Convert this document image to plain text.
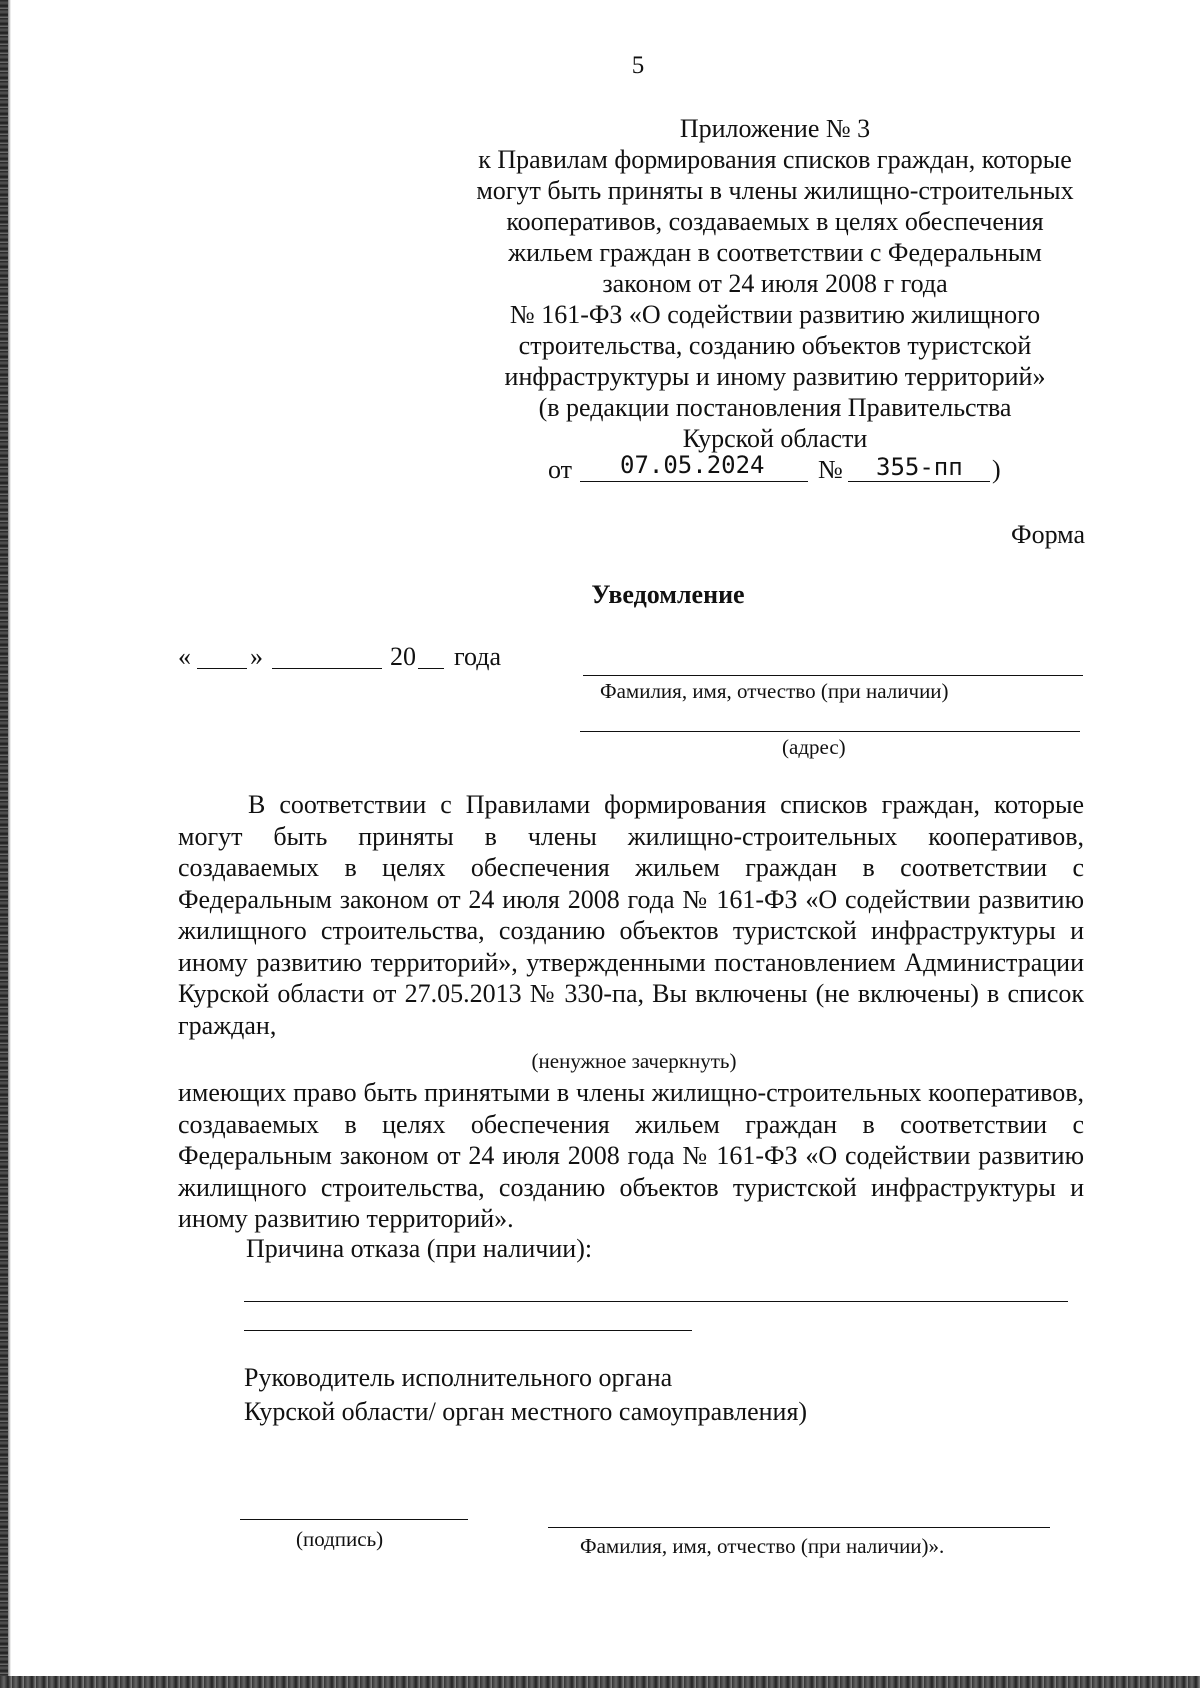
5
Приложение № 3
к Правилам формирования списков граждан, которые
могут быть приняты в члены жилищно-строительных
кооперативов, создаваемых в целях обеспечения
жильем граждан в соответствии с Федеральным
законом от 24 июля 2008 г года
№ 161-ФЗ «О содействии развитию жилищного
строительства, созданию объектов туристской
инфраструктуры и иному развитию территорий»
(в редакции постановления Правительства
Курской области
от 07.05.2024 № 355-пп )
Форма
Уведомление
« »	20 года
Фамилия, имя, отчество (при наличии)
(адрес)

В соответствии с Правилами формирования списков граждан, которые могут быть приняты в члены жилищно-строительных кооперативов, создаваемых в целях обеспечения жильем граждан в соответствии с Федеральным законом от 24 июля 2008 года № 161-ФЗ «О содействии развитию жилищного строительства, созданию объектов туристской инфраструктуры и иному развитию территорий», утвержденными постановлением Администрации Курской области от 27.05.2013 № 330-па, Вы включены (не включены) в список граждан,

(ненужное зачеркнуть)

имеющих право быть принятыми в члены жилищно-строительных кооперативов, создаваемых в целях обеспечения жильем граждан в соответствии с Федеральным законом от 24 июля 2008 года № 161-ФЗ «О содействии развитию жилищного строительства, созданию объектов туристской инфраструктуры и иному развитию территорий».

Причина отказа (при наличии):
Руководитель исполнительного органа
Курской области/ орган местного самоуправления)
(подпись)	Фамилия, имя, отчество (при наличии)».
